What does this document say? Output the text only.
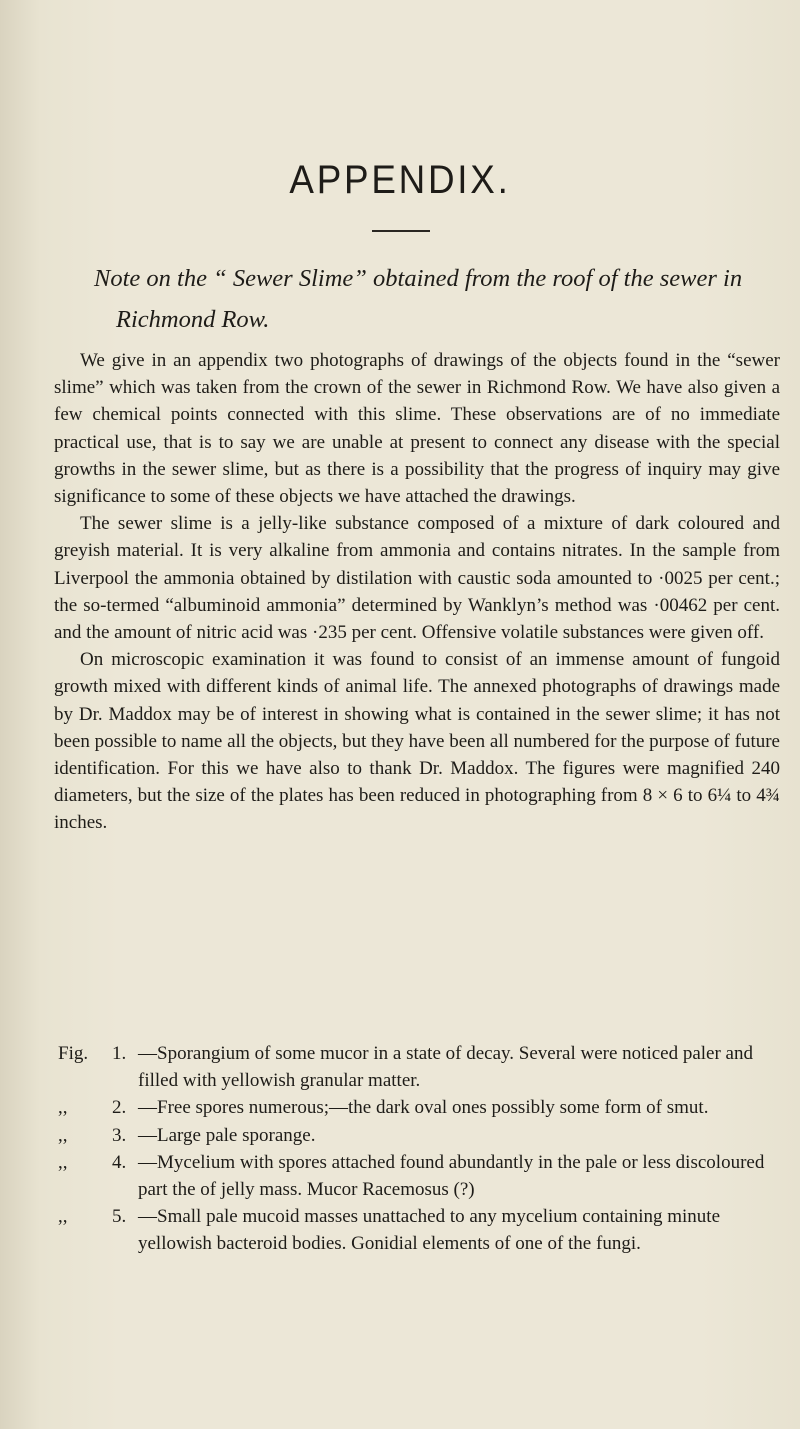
APPENDIX.
Note on the “ Sewer Slime” obtained from the roof of the sewer in
Richmond Row.

We give in an appendix two photographs of drawings of the objects found in the “sewer slime” which was taken from the crown of the sewer in Richmond Row. We have also given a few chemical points connected with this slime. These observations are of no immediate practical use, that is to say we are unable at present to connect any disease with the special growths in the sewer slime, but as there is a possibility that the progress of inquiry may give significance to some of these objects we have attached the drawings.

The sewer slime is a jelly-like substance composed of a mixture of dark coloured and greyish material. It is very alkaline from ammonia and contains nitrates. In the sample from Liverpool the ammonia obtained by distilation with caustic soda amounted to ·0025 per cent.; the so-termed “albuminoid ammonia” determined by Wanklyn’s method was ·00462 per cent. and the amount of nitric acid was ·235 per cent. Offensive volatile substances were given off.

On microscopic examination it was found to consist of an immense amount of fungoid growth mixed with different kinds of animal life. The annexed photographs of drawings made by Dr. Maddox may be of interest in showing what is contained in the sewer slime; it has not been possible to name all the objects, but they have been all numbered for the purpose of future identification. For this we have also to thank Dr. Maddox. The figures were magnified 240 diameters, but the size of the plates has been reduced in photographing from 8 × 6 to 6¼ to 4¾ inches.

Fig. 1. —Sporangium of some mucor in a state of decay. Several were noticed paler and filled with yellowish granular matter.
,, 2. —Free spores numerous;—the dark oval ones possibly some form of smut.
,, 3. —Large pale sporange.
,, 4. —Mycelium with spores attached found abundantly in the pale or less discoloured part the of jelly mass. Mucor Racemosus (?)
,, 5. —Small pale mucoid masses unattached to any mycelium containing minute yellowish bacteroid bodies. Gonidial elements of one of the fungi.
